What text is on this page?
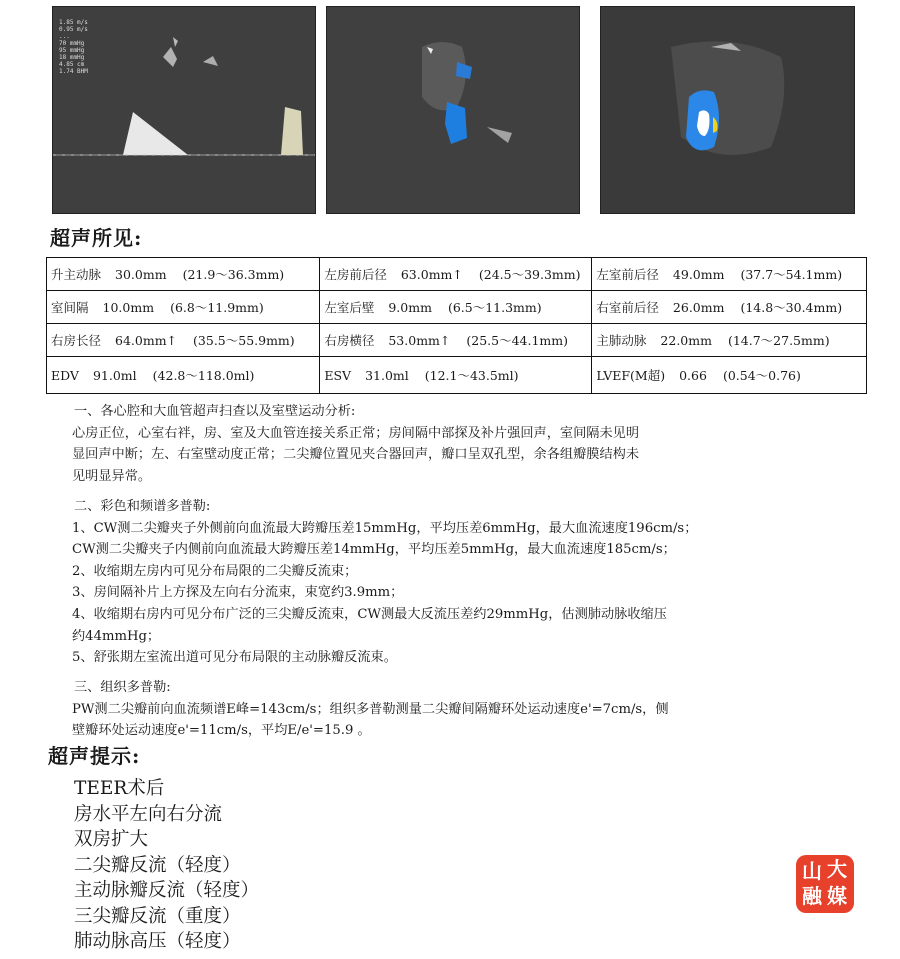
1.85 m/s
0.95 m/s
...
70 mmHg
95 mmHg
18 mmHg
4.85 cm
1.74 BHM
超声所见:
升主动脉 30.0mm (21.9～36.3mm)	左房前后径 63.0mm↑ (24.5～39.3mm)	左室前后径 49.0mm (37.7～54.1mm)
室间隔 10.0mm (6.8～11.9mm)	左室后壁 9.0mm (6.5～11.3mm)	右室前后径 26.0mm (14.8～30.4mm)
右房长径 64.0mm↑ (35.5～55.9mm)	右房横径 53.0mm↑ (25.5～44.1mm)	主肺动脉 22.0mm (14.7～27.5mm)
EDV 91.0ml (42.8～118.0ml)	ESV 31.0ml (12.1～43.5ml)	LVEF(M超) 0.66 (0.54～0.76)
一、各心腔和大血管超声扫查以及室壁运动分析:
心房正位，心室右袢，房、室及大血管连接关系正常；房间隔中部探及补片强回声，室间隔未见明
显回声中断；左、右室壁动度正常；二尖瓣位置见夹合器回声，瓣口呈双孔型，余各组瓣膜结构未
见明显异常。
二、彩色和频谱多普勒:
1、CW测二尖瓣夹子外侧前向血流最大跨瓣压差15mmHg，平均压差6mmHg，最大血流速度196cm/s；
CW测二尖瓣夹子内侧前向血流最大跨瓣压差14mmHg，平均压差5mmHg，最大血流速度185cm/s；
2、收缩期左房内可见分布局限的二尖瓣反流束；
3、房间隔补片上方探及左向右分流束，束宽约3.9mm；
4、收缩期右房内可见分布广泛的三尖瓣反流束，CW测最大反流压差约29mmHg，估测肺动脉收缩压
约44mmHg；
5、舒张期左室流出道可见分布局限的主动脉瓣反流束。
三、组织多普勒:
PW测二尖瓣前向血流频谱E峰=143cm/s；组织多普勒测量二尖瓣间隔瓣环处运动速度e'=7cm/s，侧
壁瓣环处运动速度e'=11cm/s，平均E/e'=15.9 。
超声提示:
TEER术后
房水平左向右分流
双房扩大
二尖瓣反流（轻度）
主动脉瓣反流（轻度）
三尖瓣反流（重度）
肺动脉高压（轻度）
山 大
融 媒
